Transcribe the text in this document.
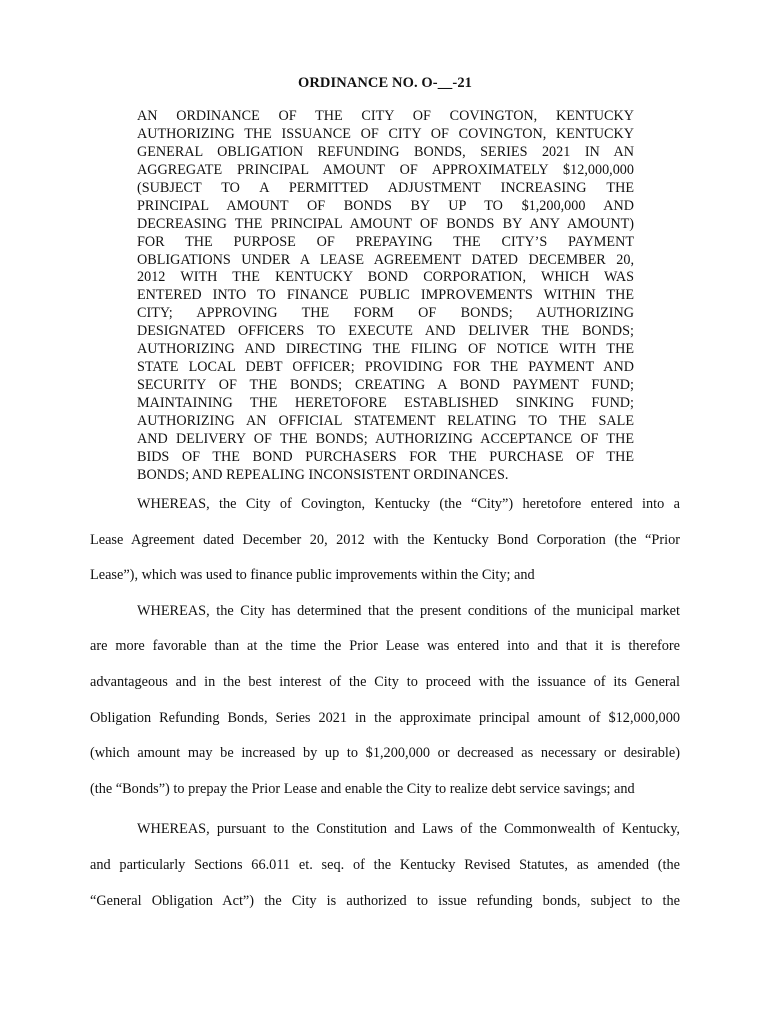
ORDINANCE NO. O-__-21
AN ORDINANCE OF THE CITY OF COVINGTON, KENTUCKY
AUTHORIZING THE ISSUANCE OF CITY OF COVINGTON, KENTUCKY
GENERAL OBLIGATION REFUNDING BONDS, SERIES 2021 IN AN
AGGREGATE PRINCIPAL AMOUNT OF APPROXIMATELY $12,000,000
(SUBJECT TO A PERMITTED ADJUSTMENT INCREASING THE
PRINCIPAL AMOUNT OF BONDS BY UP TO $1,200,000 AND
DECREASING THE PRINCIPAL AMOUNT OF BONDS BY ANY AMOUNT)
FOR THE PURPOSE OF PREPAYING THE CITY’S PAYMENT
OBLIGATIONS UNDER A LEASE AGREEMENT DATED DECEMBER 20,
2012 WITH THE KENTUCKY BOND CORPORATION, WHICH WAS
ENTERED INTO TO FINANCE PUBLIC IMPROVEMENTS WITHIN THE
CITY; APPROVING THE FORM OF BONDS; AUTHORIZING
DESIGNATED OFFICERS TO EXECUTE AND DELIVER THE BONDS;
AUTHORIZING AND DIRECTING THE FILING OF NOTICE WITH THE
STATE LOCAL DEBT OFFICER; PROVIDING FOR THE PAYMENT AND
SECURITY OF THE BONDS; CREATING A BOND PAYMENT FUND;
MAINTAINING THE HERETOFORE ESTABLISHED SINKING FUND;
AUTHORIZING AN OFFICIAL STATEMENT RELATING TO THE SALE
AND DELIVERY OF THE BONDS; AUTHORIZING ACCEPTANCE OF THE
BIDS OF THE BOND PURCHASERS FOR THE PURCHASE OF THE
BONDS; AND REPEALING INCONSISTENT ORDINANCES.
WHEREAS, the City of Covington, Kentucky (the “City”) heretofore entered into a
Lease Agreement dated December 20, 2012 with the Kentucky Bond Corporation (the “Prior
Lease”), which was used to finance public improvements within the City; and
WHEREAS, the City has determined that the present conditions of the municipal market
are more favorable than at the time the Prior Lease was entered into and that it is therefore
advantageous and in the best interest of the City to proceed with the issuance of its General
Obligation Refunding Bonds, Series 2021 in the approximate principal amount of $12,000,000
(which amount may be increased by up to $1,200,000 or decreased as necessary or desirable)
(the “Bonds”) to prepay the Prior Lease and enable the City to realize debt service savings; and
WHEREAS, pursuant to the Constitution and Laws of the Commonwealth of Kentucky,
and particularly Sections 66.011 et. seq. of the Kentucky Revised Statutes, as amended (the
“General Obligation Act”) the City is authorized to issue refunding bonds, subject to the
